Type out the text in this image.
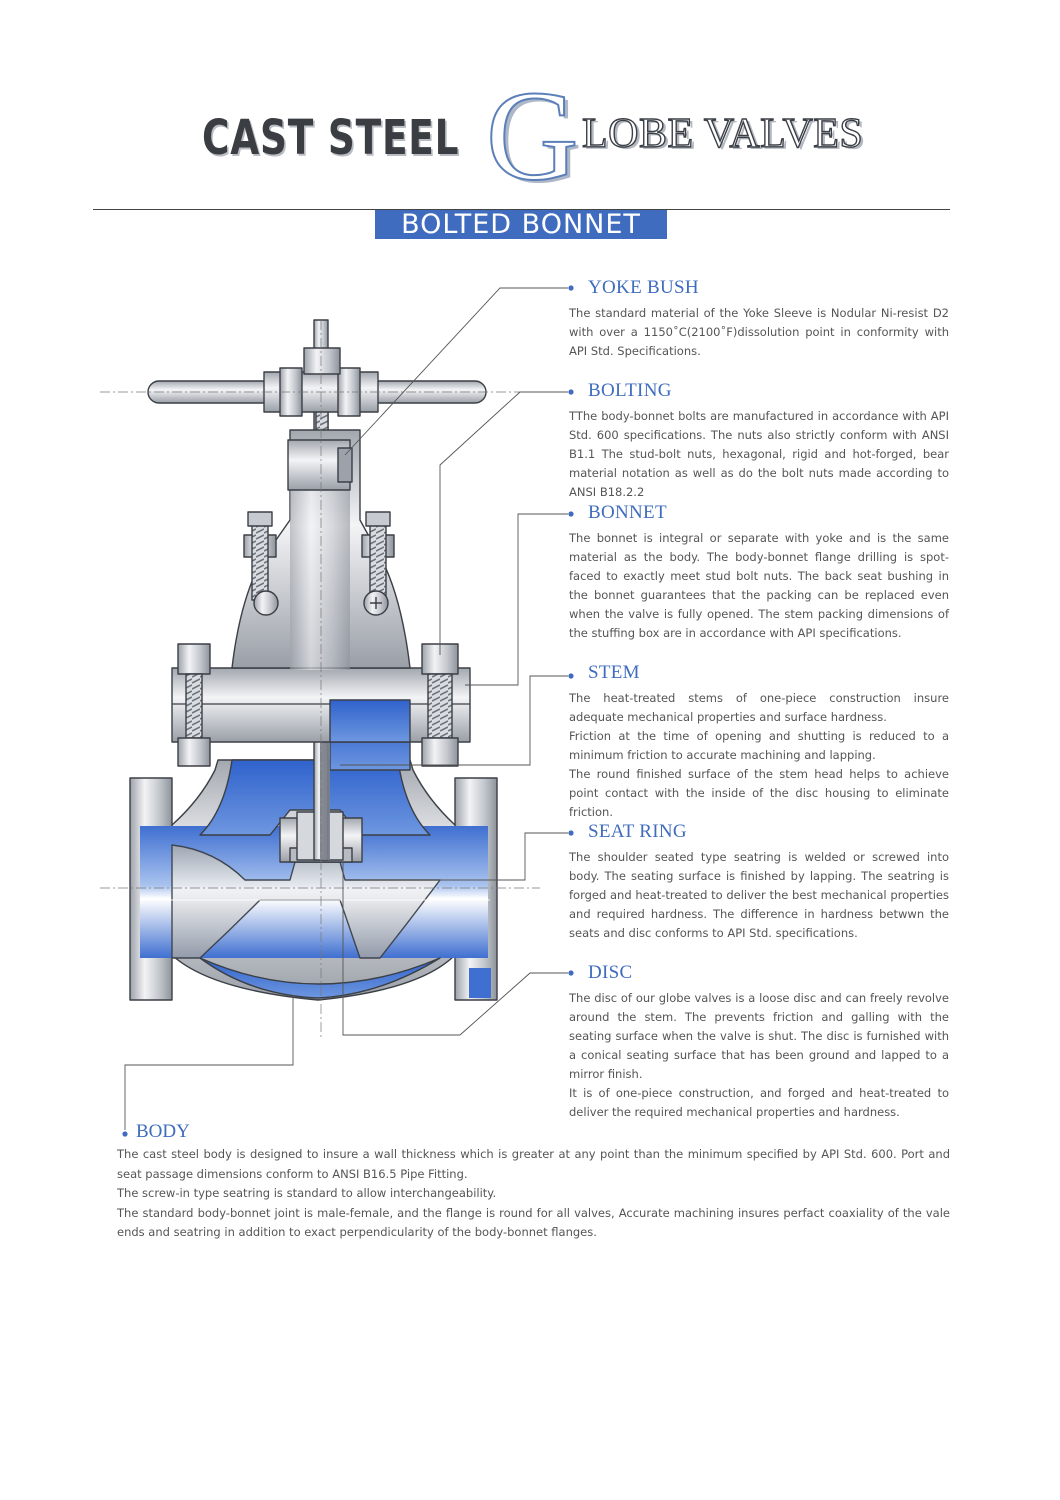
CAST STEEL G LOBE VALVES
BOLTED BONNET
YOKE BUSH

The standard material of the Yoke Sleeve is Nodular Ni-resist D2 with over a 1150˚C(2100˚F)dissolution point in conformity with API Std. Specifications.

BOLTING

TThe body-bonnet bolts are manufactured in accordance with API Std. 600 specifications. The nuts also strictly conform with ANSI B1.1 The stud-bolt nuts, hexagonal, rigid and hot-forged, bear material notation as well as do the bolt nuts made according to ANSI B18.2.2

BONNET

The bonnet is integral or separate with yoke and is the same material as the body. The body-bonnet flange drilling is spot-faced to exactly meet stud bolt nuts. The back seat bushing in the bonnet guarantees that the packing can be replaced even when the valve is fully opened. The stem packing dimensions of the stuffing box are in accordance with API specifications.

STEM

The heat-treated stems of one-piece construction insure adequate mechanical properties and surface hardness.

Friction at the time of opening and shutting is reduced to a minimum friction to accurate machining and lapping.

The round finished surface of the stem head helps to achieve point contact with the inside of the disc housing to eliminate friction.

SEAT RING

The shoulder seated type seatring is welded or screwed into body. The seating surface is finished by lapping. The seatring is forged and heat-treated to deliver the best mechanical properties and required hardness. The difference in hardness betwwn the seats and disc conforms to API Std. specifications.

DISC

The disc of our globe valves is a loose disc and can freely revolve around the stem. The prevents friction and galling with the seating surface when the valve is shut. The disc is furnished with a conical seating surface that has been ground and lapped to a mirror finish.

It is of one-piece construction, and forged and heat-treated to deliver the required mechanical properties and hardness.

BODY

The cast steel body is designed to insure a wall thickness which is greater at any point than the minimum specified by API Std. 600. Port and seat passage dimensions conform to ANSI B16.5 Pipe Fitting.

The screw-in type seatring is standard to allow interchangeability.

The standard body-bonnet joint is male-female, and the flange is round for all valves, Accurate machining insures perfact coaxiality of the vale ends and seatring in addition to exact perpendicularity of the body-bonnet flanges.
